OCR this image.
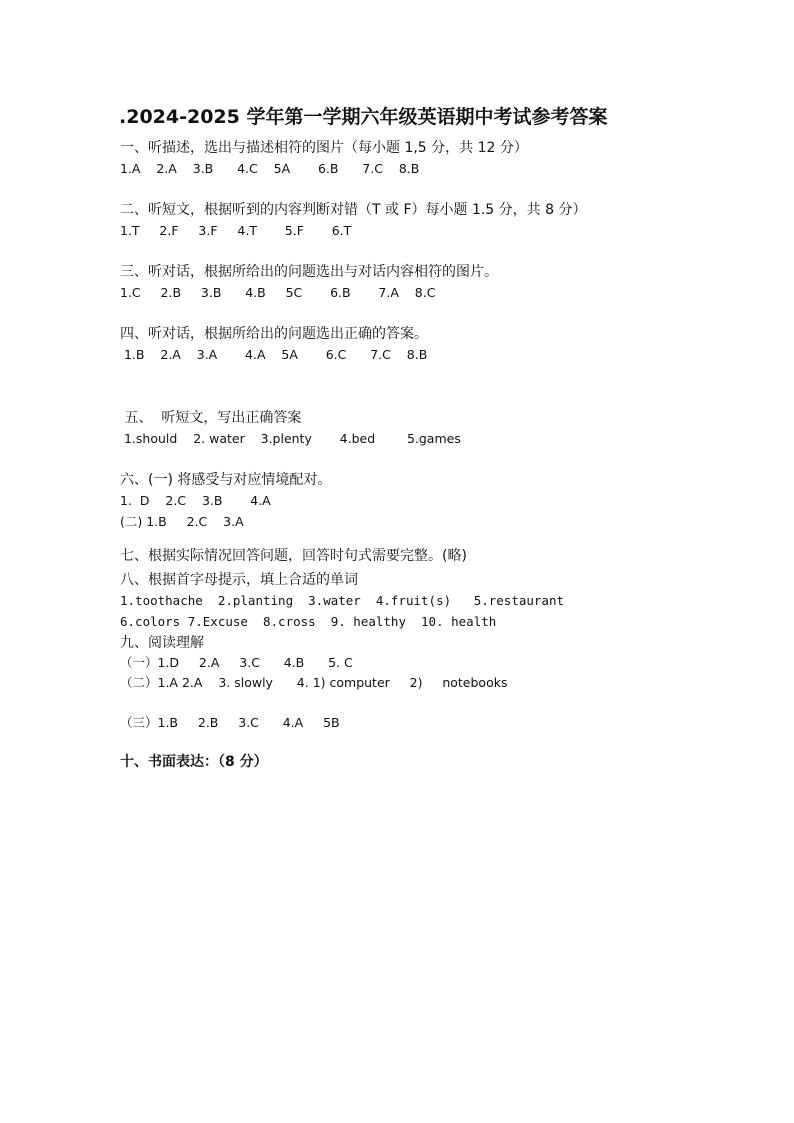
.2024-2025 学年第一学期六年级英语期中考试参考答案
一、听描述，选出与描述相符的图片（每小题 1,5 分，共 12 分）
1.A    2.A    3.B      4.C    5A       6.B      7.C    8.B
二、听短文，根据听到的内容判断对错（T 或 F）每小题 1.5 分，共 8 分）
1.T     2.F     3.F     4.T       5.F       6.T
三、听对话，根据所给出的问题选出与对话内容相符的图片。
1.C     2.B     3.B      4.B     5C       6.B       7.A    8.C
四、听对话，根据所给出的问题选出正确的答案。
1.B    2.A    3.A       4.A    5A       6.C      7.C    8.B
五、  听短文，写出正确答案
1.should    2. water    3.plenty       4.bed        5.games
六、(一) 将感受与对应情境配对。
1.  D    2.C    3.B       4.A
(二) 1.B     2.C    3.A
七、根据实际情况回答问题，回答时句式需要完整。(略)
八、根据首字母提示，填上合适的单词
1.toothache  2.planting  3.water  4.fruit(s)   5.restaurant
6.colors 7.Excuse  8.cross  9. healthy  10. health
九、阅读理解
（一）1.D     2.A     3.C      4.B      5. C
（二）1.A 2.A    3. slowly      4. 1) computer     2)     notebooks
（三）1.B     2.B     3.C      4.A     5B
十、书面表达：（8 分）
